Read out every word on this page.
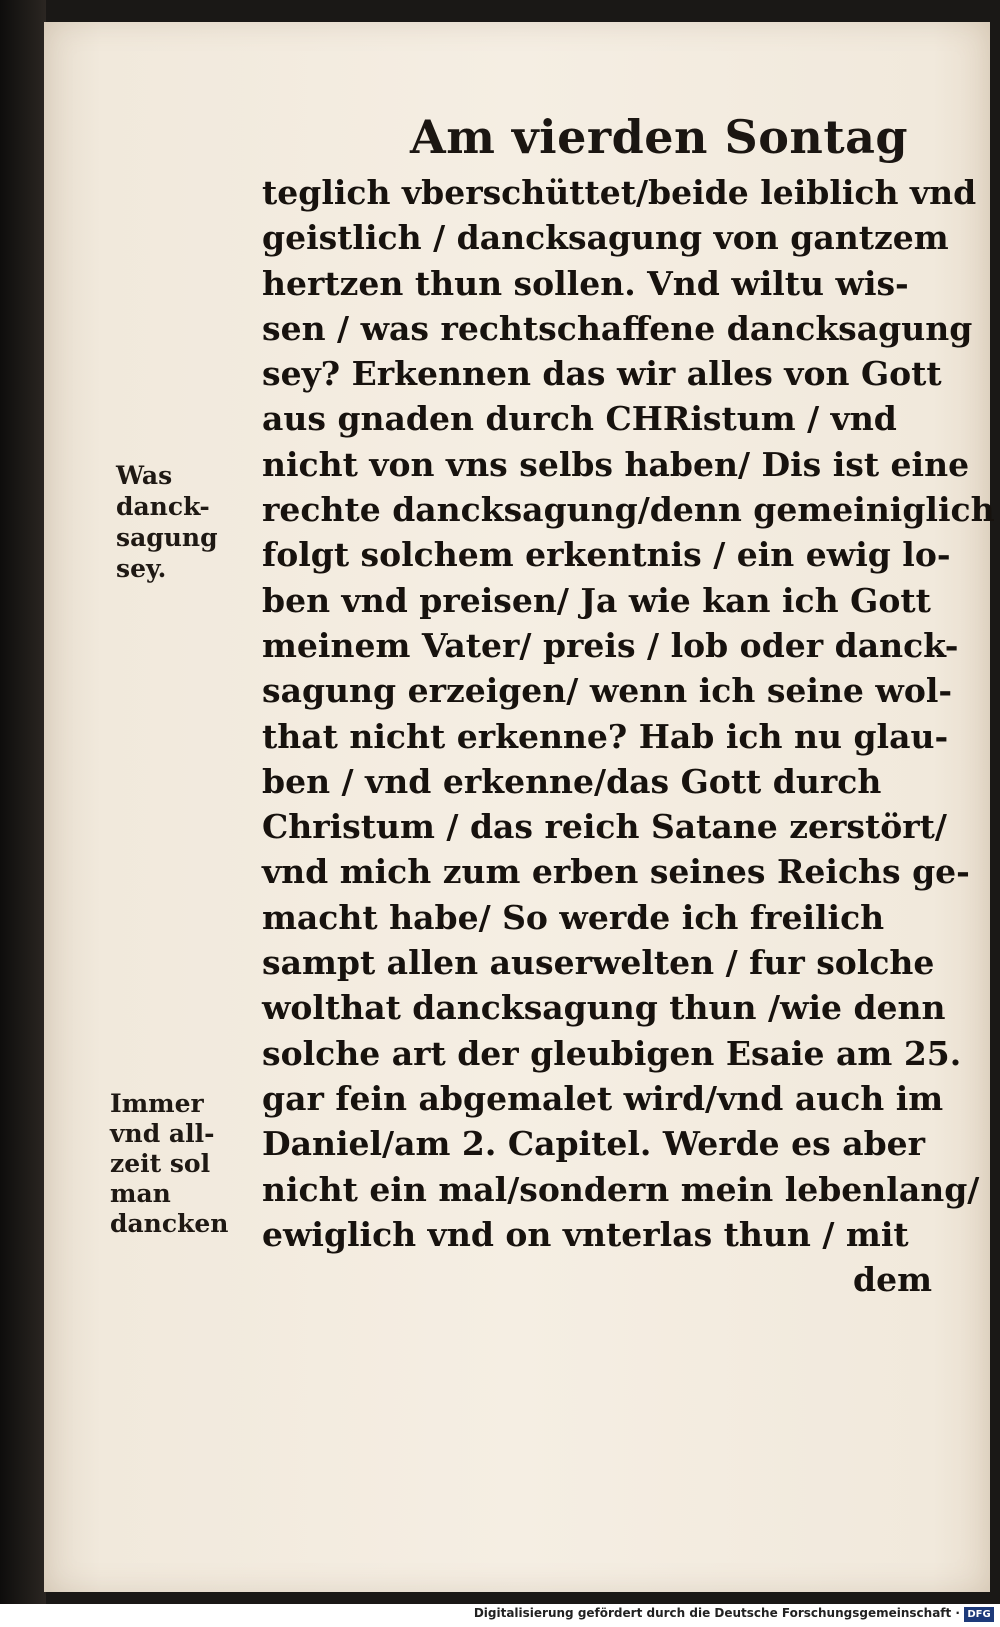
Am vierden Sontag
teglich vberschüttet/beide leiblich vnd
geistlich / dancksagung von gantzem
hertzen thun sollen. Vnd wiltu wis-
sen / was rechtschaffene dancksagung
sey? Erkennen das wir alles von Gott
aus gnaden durch CHRistum / vnd
nicht von vns selbs haben/ Dis ist eine
rechte dancksagung/denn gemeiniglich
folgt solchem erkentnis / ein ewig lo-
ben vnd preisen/ Ja wie kan ich Gott
meinem Vater/ preis / lob oder danck-
sagung erzeigen/ wenn ich seine wol-
that nicht erkenne? Hab ich nu glau-
ben / vnd erkenne/das Gott durch
Christum / das reich Satane zerstört/
vnd mich zum erben seines Reichs ge-
macht habe/ So werde ich freilich
sampt allen auserwelten / fur solche
wolthat dancksagung thun /wie denn
solche art der gleubigen Esaie am 25.
gar fein abgemalet wird/vnd auch im
Daniel/am 2. Capitel. Werde es aber
nicht ein mal/sondern mein lebenlang/
ewiglich vnd on vnterlas thun / mit
dem
Was
danck-
sagung
sey.
Immer
vnd all-
zeit sol
man
dancken
Digitalisierung gefördert durch die Deutsche Forschungsgemeinschaft · DFG
